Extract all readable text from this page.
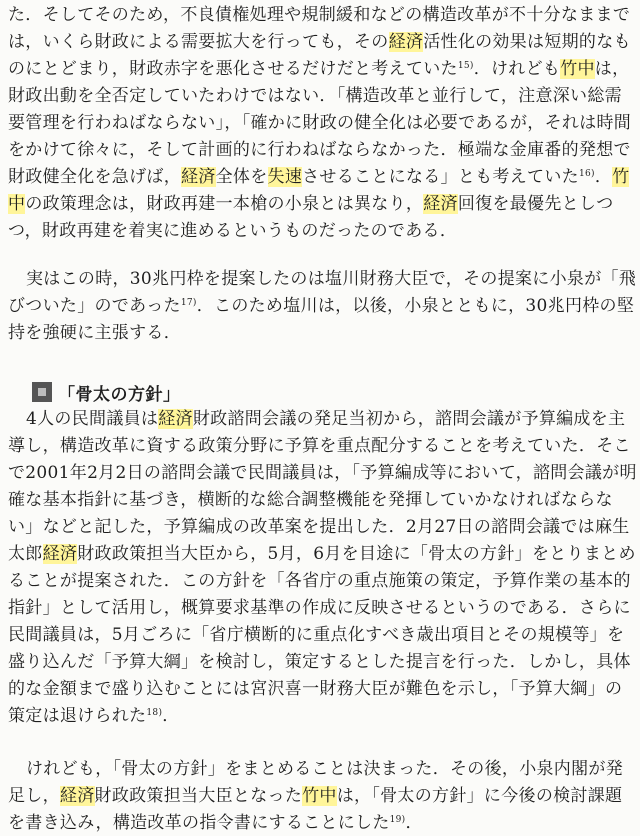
た．そしてそのため，不良債権処理や規制緩和などの構造改革が不十分なままで
は，いくら財政による需要拡大を行っても，その経済活性化の効果は短期的なも
のにとどまり，財政赤字を悪化させるだけだと考えていた$^{15)}$．けれども竹中は，
財政出動を全否定していたわけではない．「構造改革と並行して，注意深い総需
要管理を行わねばならない」，「確かに財政の健全化は必要であるが，それは時間
をかけて徐々に，そして計画的に行わねばならなかった．極端な金庫番的発想で
財政健全化を急げば，経済全体を失速させることになる」とも考えていた$^{16)}$．竹
中の政策理念は，財政再建一本槍の小泉とは異なり，経済回復を最優先としつ
つ，財政再建を着実に進めるというものだったのである．
実はこの時，30兆円枠を提案したのは塩川財務大臣で，その提案に小泉が「飛
びついた」のであった$^{17)}$．このため塩川は，以後，小泉とともに，30兆円枠の堅
持を強硬に主張する．
「骨太の方針」
4人の民間議員は経済財政諮問会議の発足当初から，諮問会議が予算編成を主
導し，構造改革に資する政策分野に予算を重点配分することを考えていた．そこ
で2001年2月2日の諮問会議で民間議員は，「予算編成等において，諮問会議が明
確な基本指針に基づき，横断的な総合調整機能を発揮していかなければならな
い」などと記した，予算編成の改革案を提出した．2月27日の諮問会議では麻生
太郎経済財政政策担当大臣から，5月，6月を目途に「骨太の方針」をとりまとめ
ることが提案された．この方針を「各省庁の重点施策の策定，予算作業の基本的
指針」として活用し，概算要求基準の作成に反映させるというのである．さらに
民間議員は，5月ごろに「省庁横断的に重点化すべき歳出項目とその規模等」を
盛り込んだ「予算大綱」を検討し，策定するとした提言を行った．しかし，具体
的な金額まで盛り込むことには宮沢喜一財務大臣が難色を示し，「予算大綱」の
策定は退けられた$^{18)}$．
けれども，「骨太の方針」をまとめることは決まった．その後，小泉内閣が発
足し，経済財政政策担当大臣となった竹中は，「骨太の方針」に今後の検討課題
を書き込み，構造改革の指令書にすることにした$^{19)}$．
